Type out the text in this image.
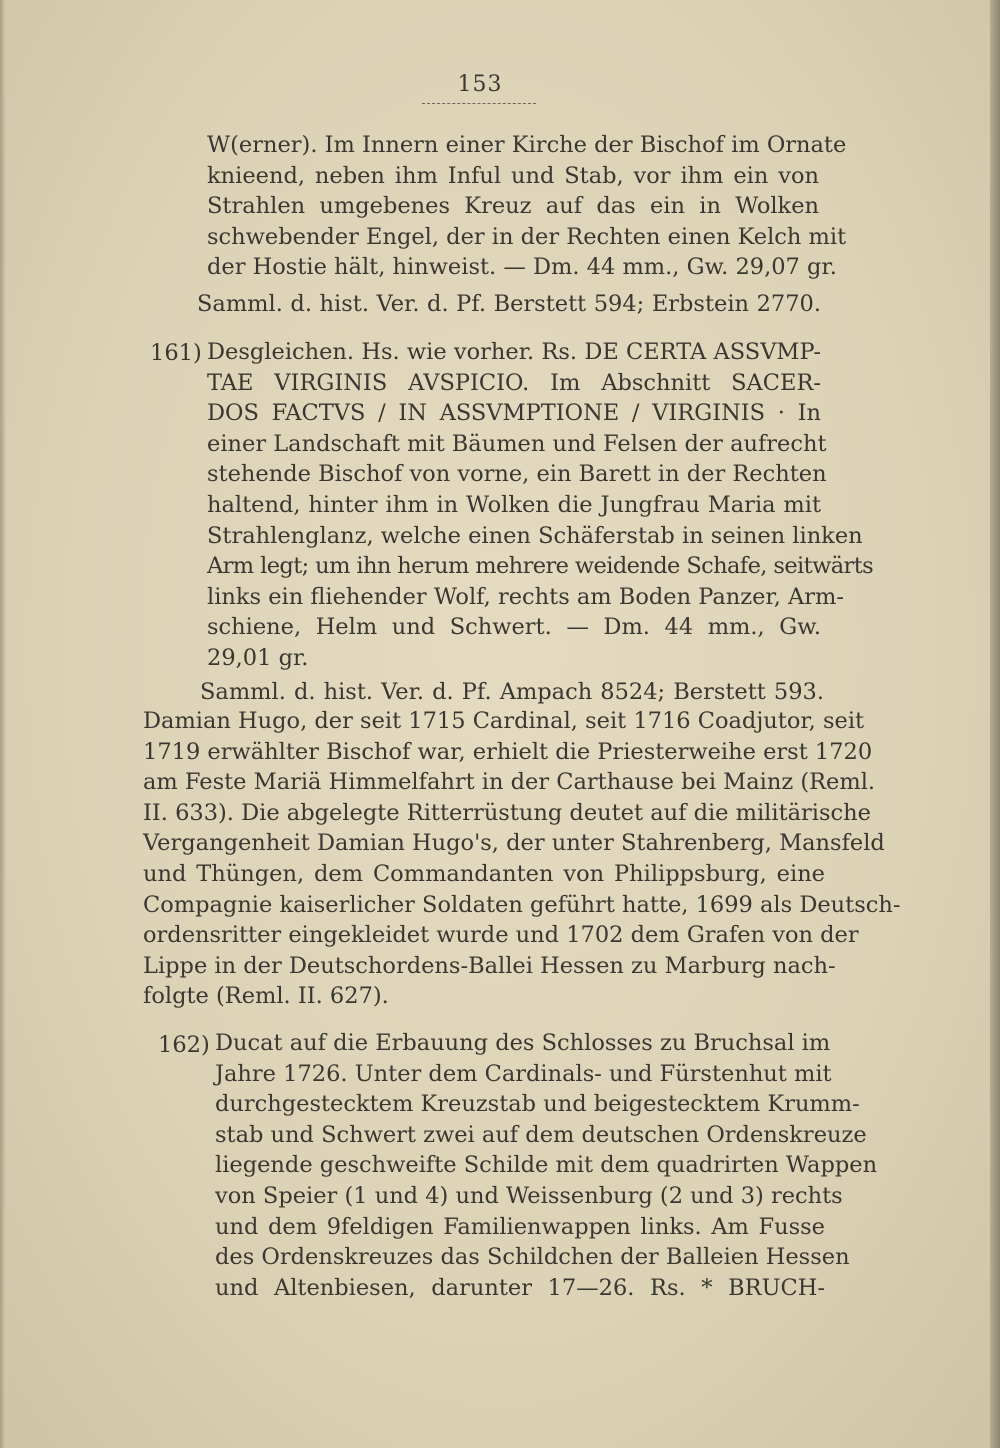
153
W(erner). Im Innern einer Kirche der Bischof im Ornate
knieend, neben ihm Inful und Stab, vor ihm ein von
Strahlen umgebenes Kreuz auf das ein in Wolken
schwebender Engel, der in der Rechten einen Kelch mit
der Hostie hält, hinweist. — Dm. 44 mm., Gw. 29,07 gr.
Samml. d. hist. Ver. d. Pf. Berstett 594; Erbstein 2770.
161) Desgleichen. Hs. wie vorher. Rs. DE CERTA ASSVMP-
TAE VIRGINIS AVSPICIO. Im Abschnitt SACER-
DOS FACTVS / IN ASSVMPTIONE / VIRGINIS · In
einer Landschaft mit Bäumen und Felsen der aufrecht
stehende Bischof von vorne, ein Barett in der Rechten
haltend, hinter ihm in Wolken die Jungfrau Maria mit
Strahlenglanz, welche einen Schäferstab in seinen linken
Arm legt; um ihn herum mehrere weidende Schafe, seitwärts
links ein fliehender Wolf, rechts am Boden Panzer, Arm-
schiene, Helm und Schwert. — Dm. 44 mm., Gw.
29,01 gr.
Samml. d. hist. Ver. d. Pf. Ampach 8524; Berstett 593.
Damian Hugo, der seit 1715 Cardinal, seit 1716 Coadjutor, seit
1719 erwählter Bischof war, erhielt die Priesterweihe erst 1720
am Feste Mariä Himmelfahrt in der Carthause bei Mainz (Reml.
II. 633). Die abgelegte Ritterrüstung deutet auf die militärische
Vergangenheit Damian Hugo's, der unter Stahrenberg, Mansfeld
und Thüngen, dem Commandanten von Philippsburg, eine
Compagnie kaiserlicher Soldaten geführt hatte, 1699 als Deutsch-
ordensritter eingekleidet wurde und 1702 dem Grafen von der
Lippe in der Deutschordens-Ballei Hessen zu Marburg nach-
folgte (Reml. II. 627).
162) Ducat auf die Erbauung des Schlosses zu Bruchsal im
Jahre 1726. Unter dem Cardinals- und Fürstenhut mit
durchgestecktem Kreuzstab und beigestecktem Krumm-
stab und Schwert zwei auf dem deutschen Ordenskreuze
liegende geschweifte Schilde mit dem quadrirten Wappen
von Speier (1 und 4) und Weissenburg (2 und 3) rechts
und dem 9feldigen Familienwappen links. Am Fusse
des Ordenskreuzes das Schildchen der Balleien Hessen
und Altenbiesen, darunter 17—26. Rs. * BRUCH-
